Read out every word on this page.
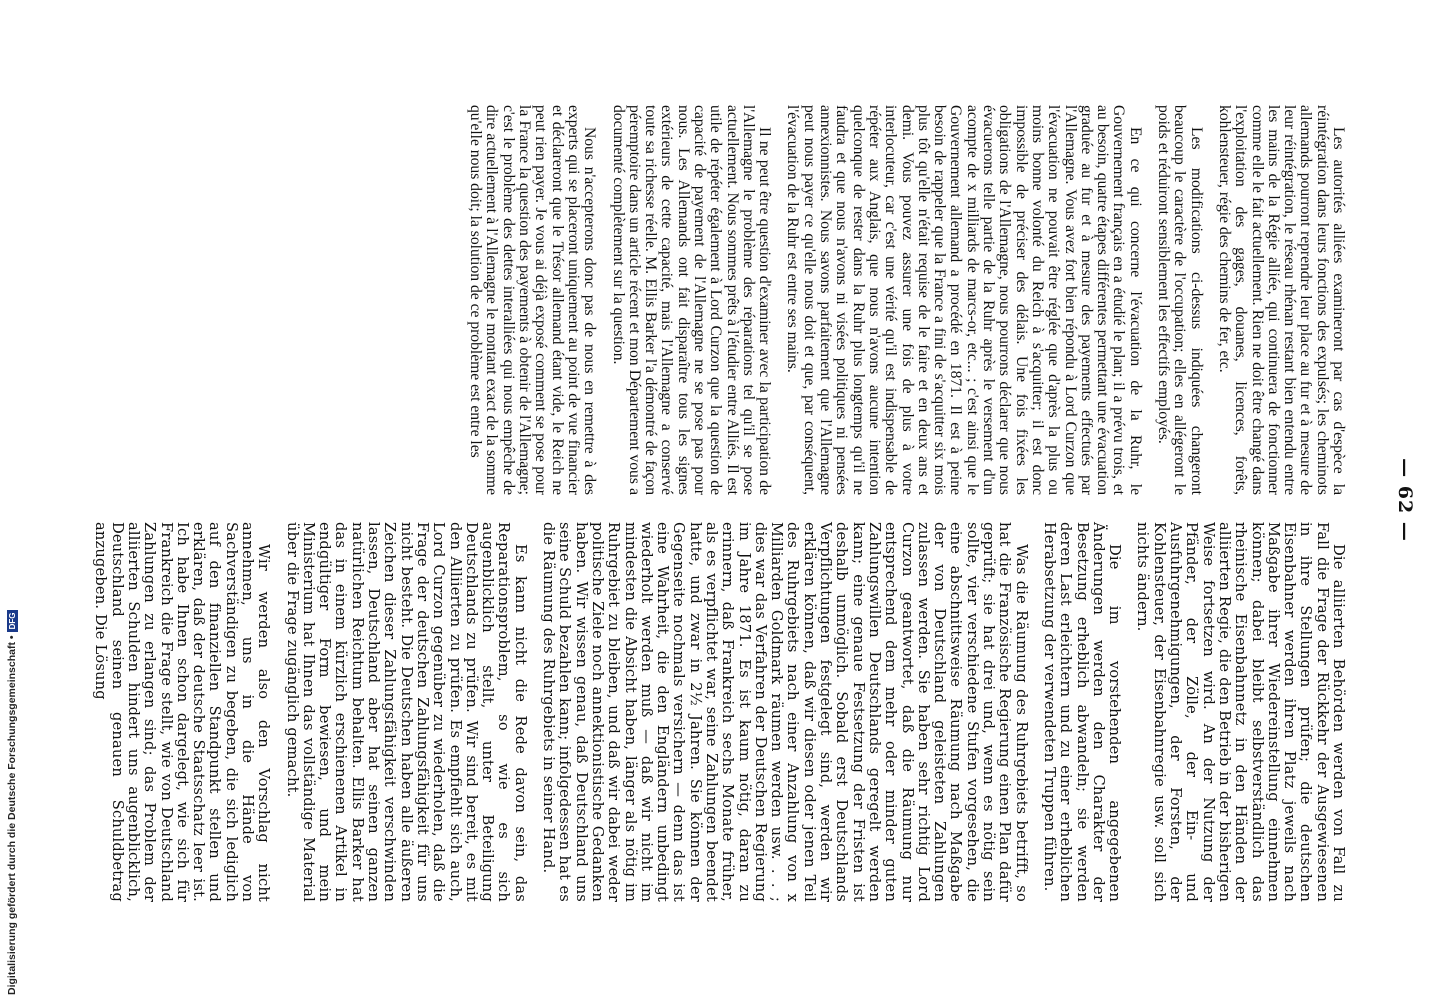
— 62 —

Les autorités alliées examineront par cas d'espèce la réintégration dans leurs fonctions des expulsés; les cheminots allemands pourront reprendre leur place au fur et à mesure de leur réintégration, le réseau rhénan restant bien entendu entre les mains de la Régie alliée, qui continuera de fonctionner comme elle le fait actuellement. Rien ne doit être changé dans l'exploitation des gages, douanes, licences, forêts, kohlensteuer, régie des chemins de fer, etc.

Les modifications ci-dessus indiquées changeront beaucoup le caractère de l'occupation; elles en allégeront le poids et réduiront sensiblement les effectifs employés.

En ce qui concerne l'évacuation de la Ruhr, le Gouvernement français en a étudié le plan; il a prévu trois, et au besoin, quatre étapes différentes permettant une évacuation graduée au fur et à mesure des payements effectués par l'Allemagne. Vous avez fort bien répondu à Lord Curzon que l'évacuation ne pouvait être réglée que d'après la plus ou moins bonne volonté du Reich à s'acquitter; il est donc impossible de préciser des délais. Une fois fixées les obligations de l'Allemagne, nous pourrons déclarer que nous évacuerons telle partie de la Ruhr après le versement d'un acompte de x milliards de marcs-or, etc... ; c'est ainsi que le Gouvernement allemand a procédé en 1871. Il est à peine besoin de rappeler que la France a fini de s'acquitter six mois plus tôt qu'elle n'était requise de le faire et en deux ans et demi. Vous pouvez assurer une fois de plus à votre interlocuteur, car c'est une vérité qu'il est indispensable de répéter aux Anglais, que nous n'avons aucune intention quelconque de rester dans la Ruhr plus longtemps qu'il ne faudra et que nous n'avons ni visées politiques ni pensées annexionnistes. Nous savons parfaitement que l'Allemagne peut nous payer ce qu'elle nous doit et que, par conséquent, l'évacuation de la Ruhr est entre ses mains.

Il ne peut être question d'examiner avec la participation de l'Allemagne le problème des réparations tel qu'il se pose actuellement. Nous sommes prêts à l'étudier entre Alliés. Il est utile de répéter également à Lord Curzon que la question de capacité de payement de l'Allemagne ne se pose pas pour nous. Les Allemands ont fait disparaître tous les signes extérieurs de cette capacité, mais l'Allemagne a conservé toute sa richesse réelle. M. Ellis Barker l'a démontré de façon péremptoire dans un article récent et mon Département vous a documenté complètement sur la question.

Nous n'accepterons donc pas de nous en remettre à des experts qui se placeront uniquement au point de vue financier et déclareront que le Trésor allemand étant vide, le Reich ne peut rien payer. Je vous ai déjà exposé comment se pose pour la France la question des payements à obtenir de l'Allemagne; c'est le problème des dettes interalliées qui nous empêche de dire actuellement à l'Allemagne le montant exact de la somme qu'elle nous doit; la solution de ce problème est entre les

Die alliierten Behörden werden von Fall zu Fall die Frage der Rückkehr der Ausgewiesenen in ihre Stellungen prüfen; die deutschen Eisenbahner werden ihren Platz jeweils nach Maßgabe ihrer Wiedereinstellung einnehmen können; dabei bleibt selbstverständlich das rheinische Eisenbahnnetz in den Händen der alliierten Regie, die den Betrieb in der bisherigen Weise fortsetzen wird. An der Nutzung der Pfänder, der Zölle, der Ein- und Ausfuhrgenehmigungen, der Forsten, der Kohlensteuer, der Eisenbahnregie usw. soll sich nichts ändern.

Die im vorstehenden angegebenen Änderungen werden den Charakter der Besetzung erheblich abwandeln; sie werden deren Last erleichtern und zu einer erheblichen Herabsetzung der verwendeten Truppen führen.

Was die Räumung des Ruhrgebiets betrifft, so hat die Französische Regierung einen Plan dafür geprüft; sie hat drei und, wenn es nötig sein sollte, vier verschiedene Stufen vorgesehen, die eine abschnittsweise Räumung nach Maßgabe der von Deutschland geleisteten Zahlungen zulassen werden. Sie haben sehr richtig Lord Curzon geantwortet, daß die Räumung nur entsprechend dem mehr oder minder guten Zahlungswillen Deutschlands geregelt werden kann; eine genaue Festsetzung der Fristen ist deshalb unmöglich. Sobald erst Deutschlands Verpflichtungen festgelegt sind, werden wir erklären können, daß wir diesen oder jenen Teil des Ruhrgebiets nach einer Anzahlung von x Milliarden Goldmark räumen werden usw. . . ; dies war das Verfahren der Deutschen Regierung im Jahre 1871. Es ist kaum nötig, daran zu erinnern, daß Frankreich sechs Monate früher, als es verpflichtet war, seine Zahlungen beendet hatte, und zwar in 2½ Jahren. Sie können der Gegenseite nochmals versichern — denn das ist eine Wahrheit, die den Engländern unbedingt wiederholt werden muß — daß wir nicht im mindesten die Absicht haben, länger als nötig im Ruhrgebiet zu bleiben, und daß wir dabei weder politische Ziele noch annektionistische Gedanken haben. Wir wissen genau, daß Deutschland uns seine Schuld bezahlen kann; infolgedessen hat es die Räumung des Ruhrgebiets in seiner Hand.

Es kann nicht die Rede davon sein, das Reparationsproblem, so wie es sich augenblicklich stellt, unter Beteiligung Deutschlands zu prüfen. Wir sind bereit, es mit den Alliierten zu prüfen. Es empfiehlt sich auch, Lord Curzon gegenüber zu wiederholen, daß die Frage der deutschen Zahlungsfähigkeit für uns nicht besteht. Die Deutschen haben alle äußeren Zeichen dieser Zahlungsfähigkeit verschwinden lassen, Deutschland aber hat seinen ganzen natürlichen Reichtum behalten. Ellis Barker hat das in einem kürzlich erschienenen Artikel in endgültiger Form bewiesen, und mein Ministerium hat Ihnen das vollständige Material über die Frage zugänglich gemacht.

Wir werden also den Vorschlag nicht annehmen, uns in die Hände von Sachverständigen zu begeben, die sich lediglich auf den finanziellen Standpunkt stellen und erklären, daß der deutsche Staatsschatz leer ist. Ich habe Ihnen schon dargelegt, wie sich für Frankreich die Frage stellt, wie von Deutschland Zahlungen zu erlangen sind; das Problem der alliierten Schulden hindert uns augenblicklich, Deutschland seinen genauen Schuldbetrag anzugeben. Die Lösung

Digitalisierung gefördert durch die Deutsche Forschungsgemeinschaft •DFG
